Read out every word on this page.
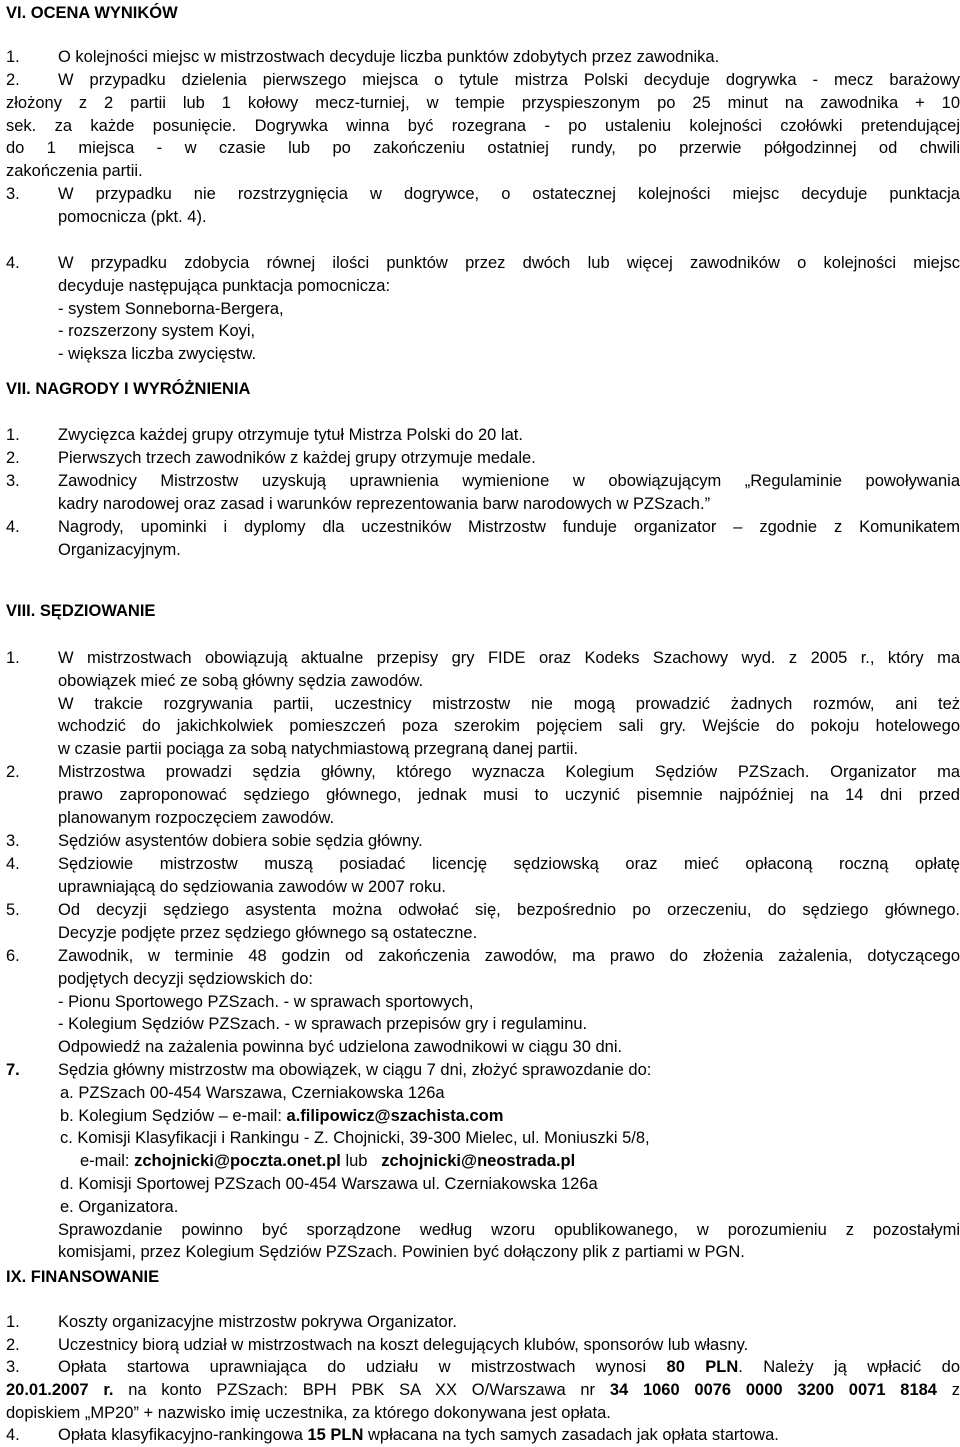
VI. OCENA WYNIKÓW
1. O kolejności miejsc w mistrzostwach decyduje liczba punktów zdobytych przez zawodnika.
2. W przypadku dzielenia pierwszego miejsca o tytule mistrza Polski decyduje dogrywka - mecz barażowy
złożony z 2 partii lub 1 kołowy mecz-turniej, w tempie przyspieszonym po 25 minut na zawodnika + 10
sek. za każde posunięcie. Dogrywka winna być rozegrana - po ustaleniu kolejności czołówki pretendującej
do 1 miejsca - w czasie lub po zakończeniu ostatniej rundy, po przerwie półgodzinnej od chwili
zakończenia partii.
3. W przypadku nie rozstrzygnięcia w dogrywce, o ostatecznej kolejności miejsc decyduje punktacja
pomocnicza (pkt. 4).
4. W przypadku zdobycia równej ilości punktów przez dwóch lub więcej zawodników o kolejności miejsc
decyduje następująca punktacja pomocnicza:
- system Sonneborna-Bergera,
- rozszerzony system Koyi,
- większa liczba zwycięstw.
VII. NAGRODY I WYRÓŻNIENIA
1. Zwycięzca każdej grupy otrzymuje tytuł Mistrza Polski do 20 lat.
2. Pierwszych trzech zawodników z każdej grupy otrzymuje medale.
3. Zawodnicy Mistrzostw uzyskują uprawnienia wymienione w obowiązującym „Regulaminie powoływania
kadry narodowej oraz zasad i warunków reprezentowania barw narodowych w PZSzach.”
4. Nagrody, upominki i dyplomy dla uczestników Mistrzostw funduje organizator – zgodnie z Komunikatem
Organizacyjnym.
VIII. SĘDZIOWANIE
1. W mistrzostwach obowiązują aktualne przepisy gry FIDE oraz Kodeks Szachowy wyd. z 2005 r., który ma
obowiązek mieć ze sobą główny sędzia zawodów.
W trakcie rozgrywania partii, uczestnicy mistrzostw nie mogą prowadzić żadnych rozmów, ani też
wchodzić do jakichkolwiek pomieszczeń poza szerokim pojęciem sali gry. Wejście do pokoju hotelowego
w czasie partii pociąga za sobą natychmiastową przegraną danej partii.
2. Mistrzostwa prowadzi sędzia główny, którego wyznacza Kolegium Sędziów PZSzach. Organizator ma
prawo zaproponować sędziego głównego, jednak musi to uczynić pisemnie najpóźniej na 14 dni przed
planowanym rozpoczęciem zawodów.
3. Sędziów asystentów dobiera sobie sędzia główny.
4. Sędziowie mistrzostw muszą posiadać licencję sędziowską oraz mieć opłaconą roczną opłatę
uprawniającą do sędziowania zawodów w 2007 roku.
5. Od decyzji sędziego asystenta można odwołać się, bezpośrednio po orzeczeniu, do sędziego głównego.
Decyzje podjęte przez sędziego głównego są ostateczne.
6. Zawodnik, w terminie 48 godzin od zakończenia zawodów, ma prawo do złożenia zażalenia, dotyczącego
podjętych decyzji sędziowskich do:
- Pionu Sportowego PZSzach. - w sprawach sportowych,
- Kolegium Sędziów PZSzach. - w sprawach przepisów gry i regulaminu.
Odpowiedź na zażalenia powinna być udzielona zawodnikowi w ciągu 30 dni.
7. Sędzia główny mistrzostw ma obowiązek, w ciągu 7 dni, złożyć sprawozdanie do:
a. PZSzach 00-454 Warszawa, Czerniakowska 126a
b. Kolegium Sędziów – e-mail: a.filipowicz@szachista.com
c. Komisji Klasyfikacji i Rankingu - Z. Chojnicki, 39-300 Mielec, ul. Moniuszki 5/8,
e-mail: zchojnicki@poczta.onet.pl lub   zchojnicki@neostrada.pl
d. Komisji Sportowej PZSzach 00-454 Warszawa ul. Czerniakowska 126a
e. Organizatora.
Sprawozdanie powinno być sporządzone według wzoru opublikowanego, w porozumieniu z pozostałymi
komisjami, przez Kolegium Sędziów PZSzach. Powinien być dołączony plik z partiami w PGN.
IX. FINANSOWANIE
1. Koszty organizacyjne mistrzostw pokrywa Organizator.
2. Uczestnicy biorą udział w mistrzostwach na koszt delegujących klubów, sponsorów lub własny.
3. Opłata startowa uprawniająca do udziału w mistrzostwach wynosi 80 PLN. Należy ją wpłacić do
20.01.2007 r. na konto PZSzach: BPH PBK SA XX O/Warszawa nr 34 1060 0076 0000 3200 0071 8184 z
dopiskiem „MP20” + nazwisko imię uczestnika, za którego dokonywana jest opłata.
4. Opłata klasyfikacyjno-rankingowa 15 PLN wpłacana na tych samych zasadach jak opłata startowa.
